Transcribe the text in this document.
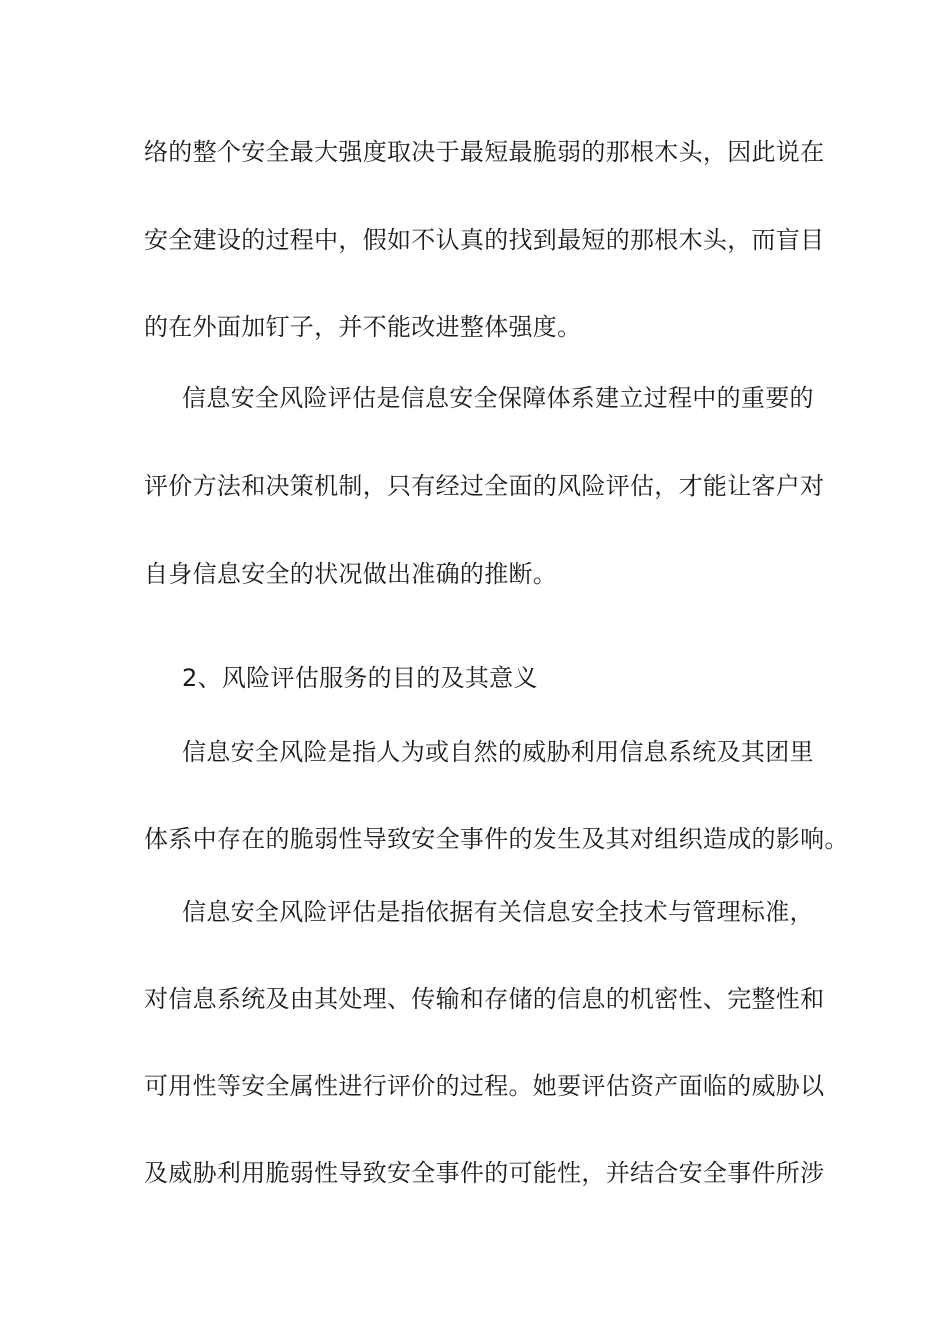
络的整个安全最大强度取决于最短最脆弱的那根木头，因此说在
安全建设的过程中，假如不认真的找到最短的那根木头，而盲目
的在外面加钉子，并不能改进整体强度。
信息安全风险评估是信息安全保障体系建立过程中的重要的
评价方法和决策机制，只有经过全面的风险评估，才能让客户对
自身信息安全的状况做出准确的推断。
2、风险评估服务的目的及其意义
信息安全风险是指人为或自然的威胁利用信息系统及其团里
体系中存在的脆弱性导致安全事件的发生及其对组织造成的影响。
信息安全风险评估是指依据有关信息安全技术与管理标准，
对信息系统及由其处理、传输和存储的信息的机密性、完整性和
可用性等安全属性进行评价的过程。她要评估资产面临的威胁以
及威胁利用脆弱性导致安全事件的可能性，并结合安全事件所涉
